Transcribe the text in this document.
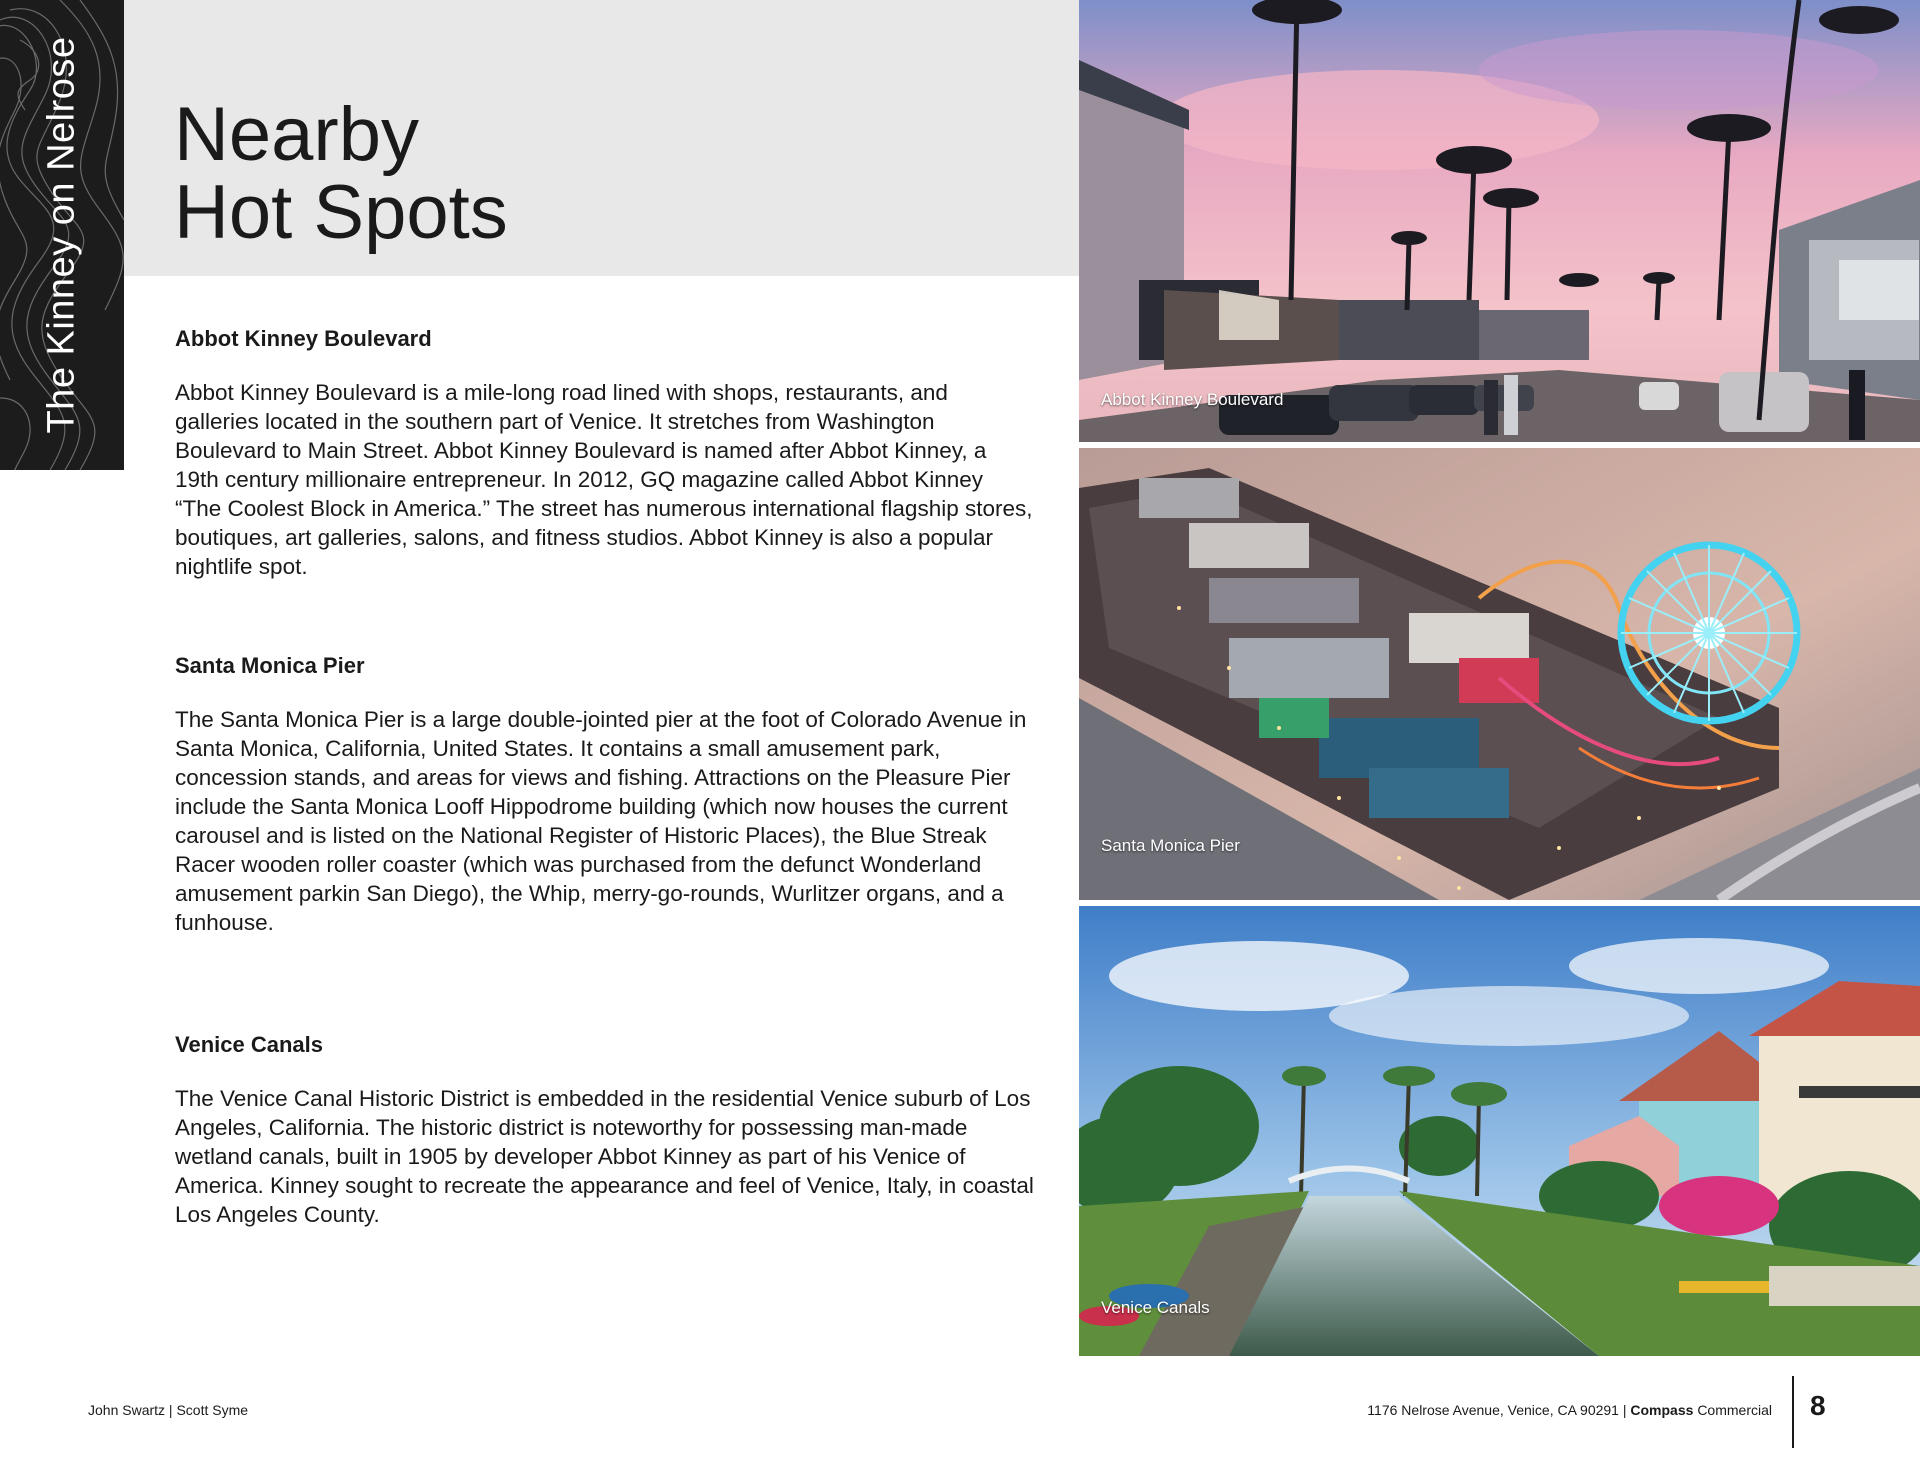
The Kinney on Nelrose Nearby
Hot Spots
Abbot Kinney Boulevard

Abbot Kinney Boulevard is a mile-long road lined with shops, restaurants, and galleries located in the southern part of Venice. It stretches from Washington Boulevard to Main Street. Abbot Kinney Boulevard is named after Abbot Kinney, a 19th century millionaire entrepreneur. In 2012, GQ magazine called Abbot Kinney “The Coolest Block in America.” The street has numerous international flagship stores, boutiques, art galleries, salons, and fitness studios. Abbot Kinney is also a popular nightlife spot.

Santa Monica Pier

The Santa Monica Pier is a large double-jointed pier at the foot of Colorado Avenue in Santa Monica, California, United States. It contains a small amusement park, concession stands, and areas for views and fishing. Attractions on the Pleasure Pier include the Santa Monica Looff Hippodrome building (which now houses the current carousel and is listed on the National Register of Historic Places), the Blue Streak Racer wooden roller coaster (which was purchased from the defunct Wonderland amusement parkin San Diego), the Whip, merry-go-rounds, Wurlitzer organs, and a funhouse.

Venice Canals

The Venice Canal Historic District is embedded in the residential Venice suburb of Los Angeles, California. The historic district is noteworthy for possessing man-made wetland canals, built in 1905 by developer Abbot Kinney as part of his Venice of America. Kinney sought to recreate the appearance and feel of Venice, Italy, in coastal Los Angeles County.

Abbot Kinney Boulevard
Santa Monica Pier
Venice Canals
John Swartz | Scott Syme	1176 Nelrose Avenue, Venice, CA 90291 | Compass Commercial 8
